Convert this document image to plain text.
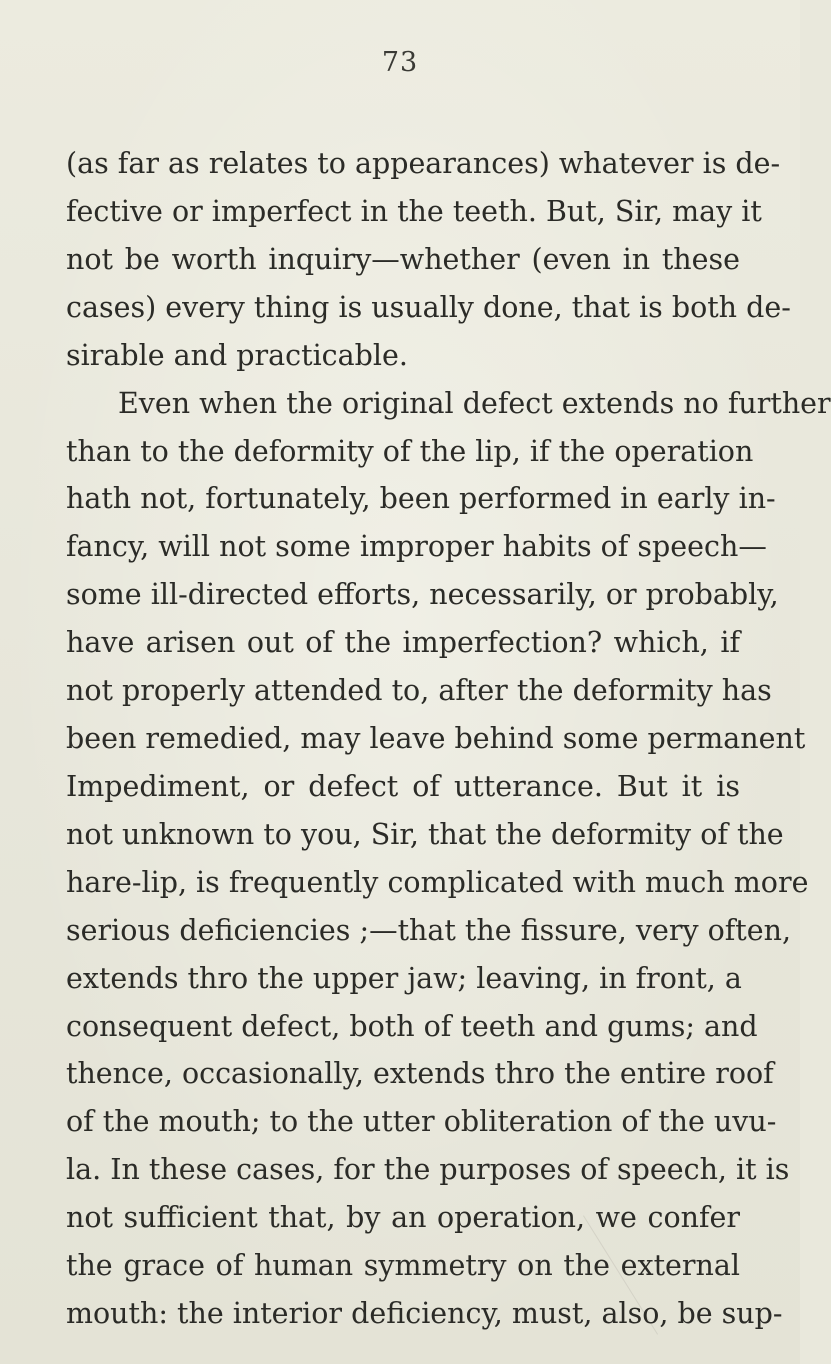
73
(as far as relates to appearances) whatever is de-
fective or imperfect in the teeth. But, Sir, may it
not be worth inquiry—whether (even in these
cases) every thing is usually done, that is both de-
sirable and practicable.
Even when the original defect extends no further
than to the deformity of the lip, if the operation
hath not, fortunately, been performed in early in-
fancy, will not some improper habits of speech—
some ill-directed efforts, necessarily, or probably,
have arisen out of the imperfection? which, if
not properly attended to, after the deformity has
been remedied, may leave behind some permanent
Impediment, or defect of utterance. But it is
not unknown to you, Sir, that the deformity of the
hare-lip, is frequently complicated with much more
serious deficiencies ;—that the fissure, very often,
extends thro the upper jaw; leaving, in front, a
consequent defect, both of teeth and gums; and
thence, occasionally, extends thro the entire roof
of the mouth; to the utter obliteration of the uvu-
la. In these cases, for the purposes of speech, it is
not sufficient that, by an operation, we confer
the grace of human symmetry on the external
mouth: the interior deficiency, must, also, be sup-
